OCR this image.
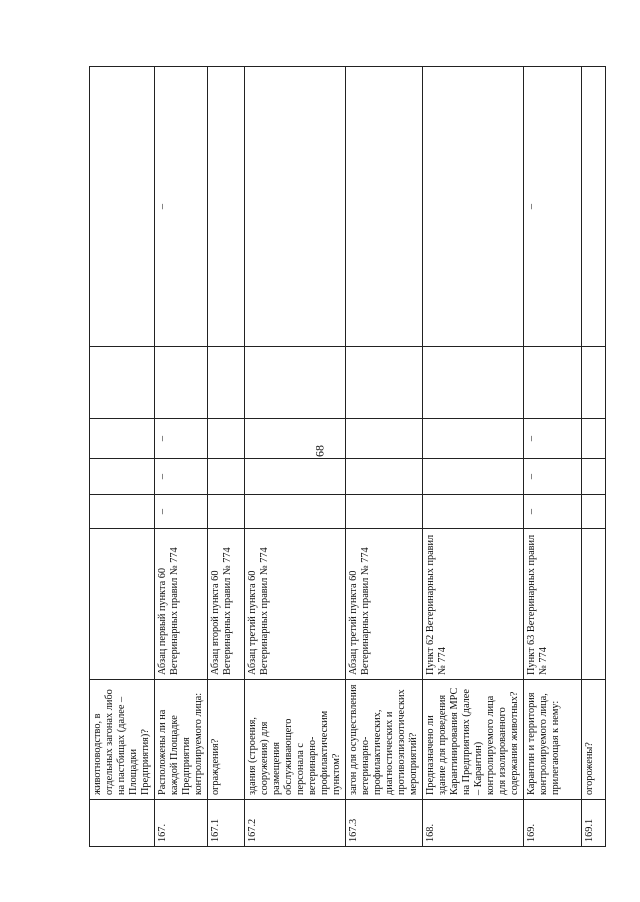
68
	животноводство, в отдельных загонах либо на пастбищах (далее – Площадки Предприятия)?						
167.	Расположены ли на каждой Площадке Предприятия контролируемого лица:	Абзац первый пункта 60 Ветеринарных правил № 774	–	–	–		–
167.1	ограждения?	Абзац второй пункта 60 Ветеринарных правил № 774					
167.2	здания (строения, сооружения) для размещения обслуживающего персонала с ветеринарно-профилактическим пунктом?	Абзац третий пункта 60 Ветеринарных правил № 774					
167.3	загон для осуществления ветеринарно-профилактических, диагностических и противоэпизоотических мероприятий?	Абзац третий пункта 60 Ветеринарных правил № 774					
168.	Предназначено ли здание для проведения Карантинирования МРС на Предприятиях (далее – Карантин) контролируемого лица для изолированного содержания животных?	Пункт 62 Ветеринарных правил № 774					
169.	Карантин и территория контролируемого лица, прилегающая к нему:	Пункт 63 Ветеринарных правил № 774	–	–	–		–
169.1	огорожены?						
